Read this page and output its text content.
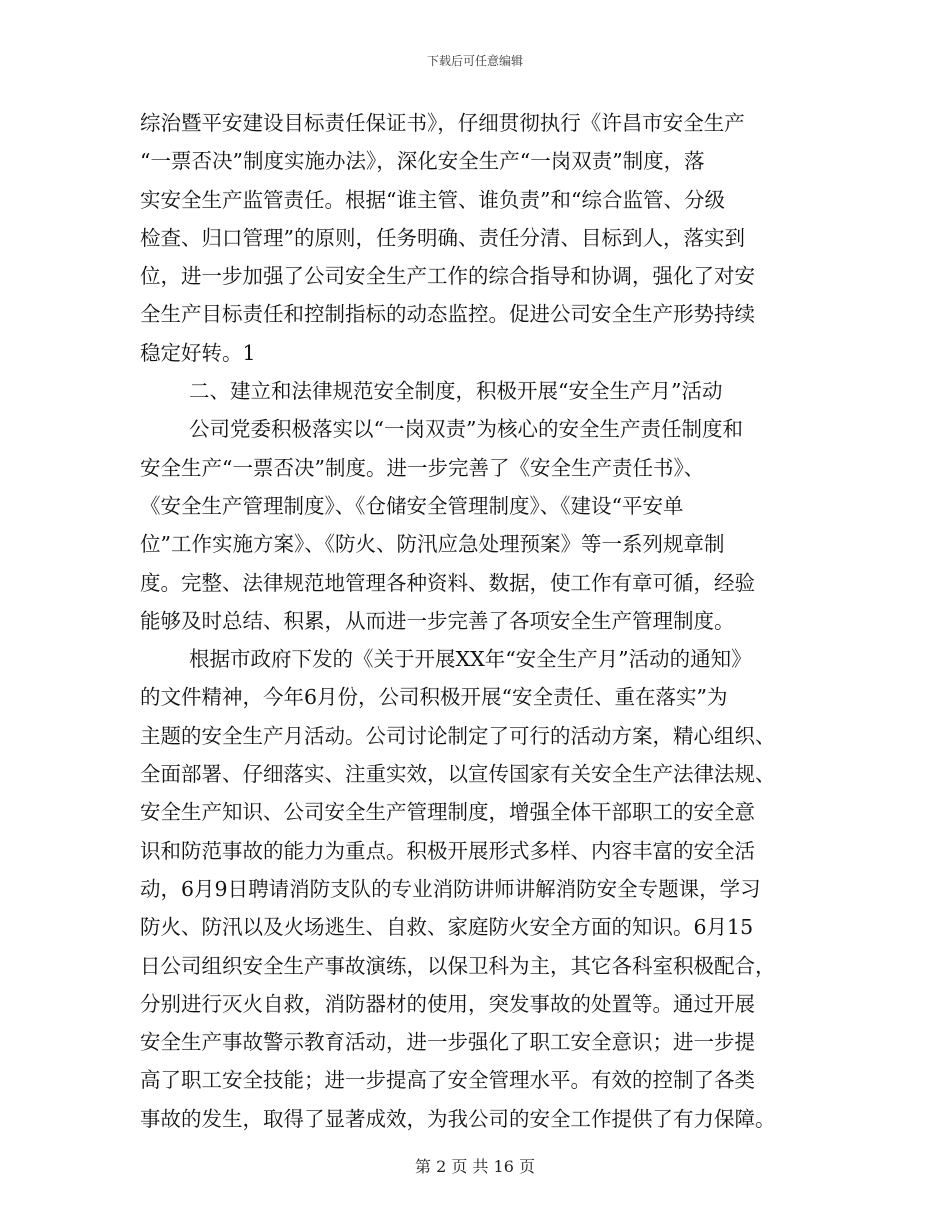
下载后可任意编辑
综治暨平安建设目标责任保证书》，仔细贯彻执行《许昌市安全生产
“一票否决”制度实施办法》，深化安全生产“一岗双责”制度，落
实安全生产监管责任。根据“谁主管、谁负责”和“综合监管、分级
检查、归口管理”的原则，任务明确、责任分清、目标到人，落实到
位，进一步加强了公司安全生产工作的综合指导和协调，强化了对安
全生产目标责任和控制指标的动态监控。促进公司安全生产形势持续
稳定好转。1
二、建立和法律规范安全制度，积极开展“安全生产月”活动
公司党委积极落实以“一岗双责”为核心的安全生产责任制度和
安全生产“一票否决”制度。进一步完善了《安全生产责任书》、
《安全生产管理制度》、《仓储安全管理制度》、《建设“平安单
位”工作实施方案》、《防火、防汛应急处理预案》等一系列规章制
度。完整、法律规范地管理各种资料、数据，使工作有章可循，经验
能够及时总结、积累，从而进一步完善了各项安全生产管理制度。
根据市政府下发的《关于开展XX年“安全生产月”活动的通知》
的文件精神，今年6月份，公司积极开展“安全责任、重在落实”为
主题的安全生产月活动。公司讨论制定了可行的活动方案，精心组织、
全面部署、仔细落实、注重实效，以宣传国家有关安全生产法律法规、
安全生产知识、公司安全生产管理制度，增强全体干部职工的安全意
识和防范事故的能力为重点。积极开展形式多样、内容丰富的安全活
动，6月9日聘请消防支队的专业消防讲师讲解消防安全专题课，学习
防火、防汛以及火场逃生、自救、家庭防火安全方面的知识。6月15
日公司组织安全生产事故演练，以保卫科为主，其它各科室积极配合，
分别进行灭火自救，消防器材的使用，突发事故的处置等。通过开展
安全生产事故警示教育活动，进一步强化了职工安全意识；进一步提
高了职工安全技能；进一步提高了安全管理水平。有效的控制了各类
事故的发生，取得了显著成效，为我公司的安全工作提供了有力保障。
第 2 页 共 16 页
